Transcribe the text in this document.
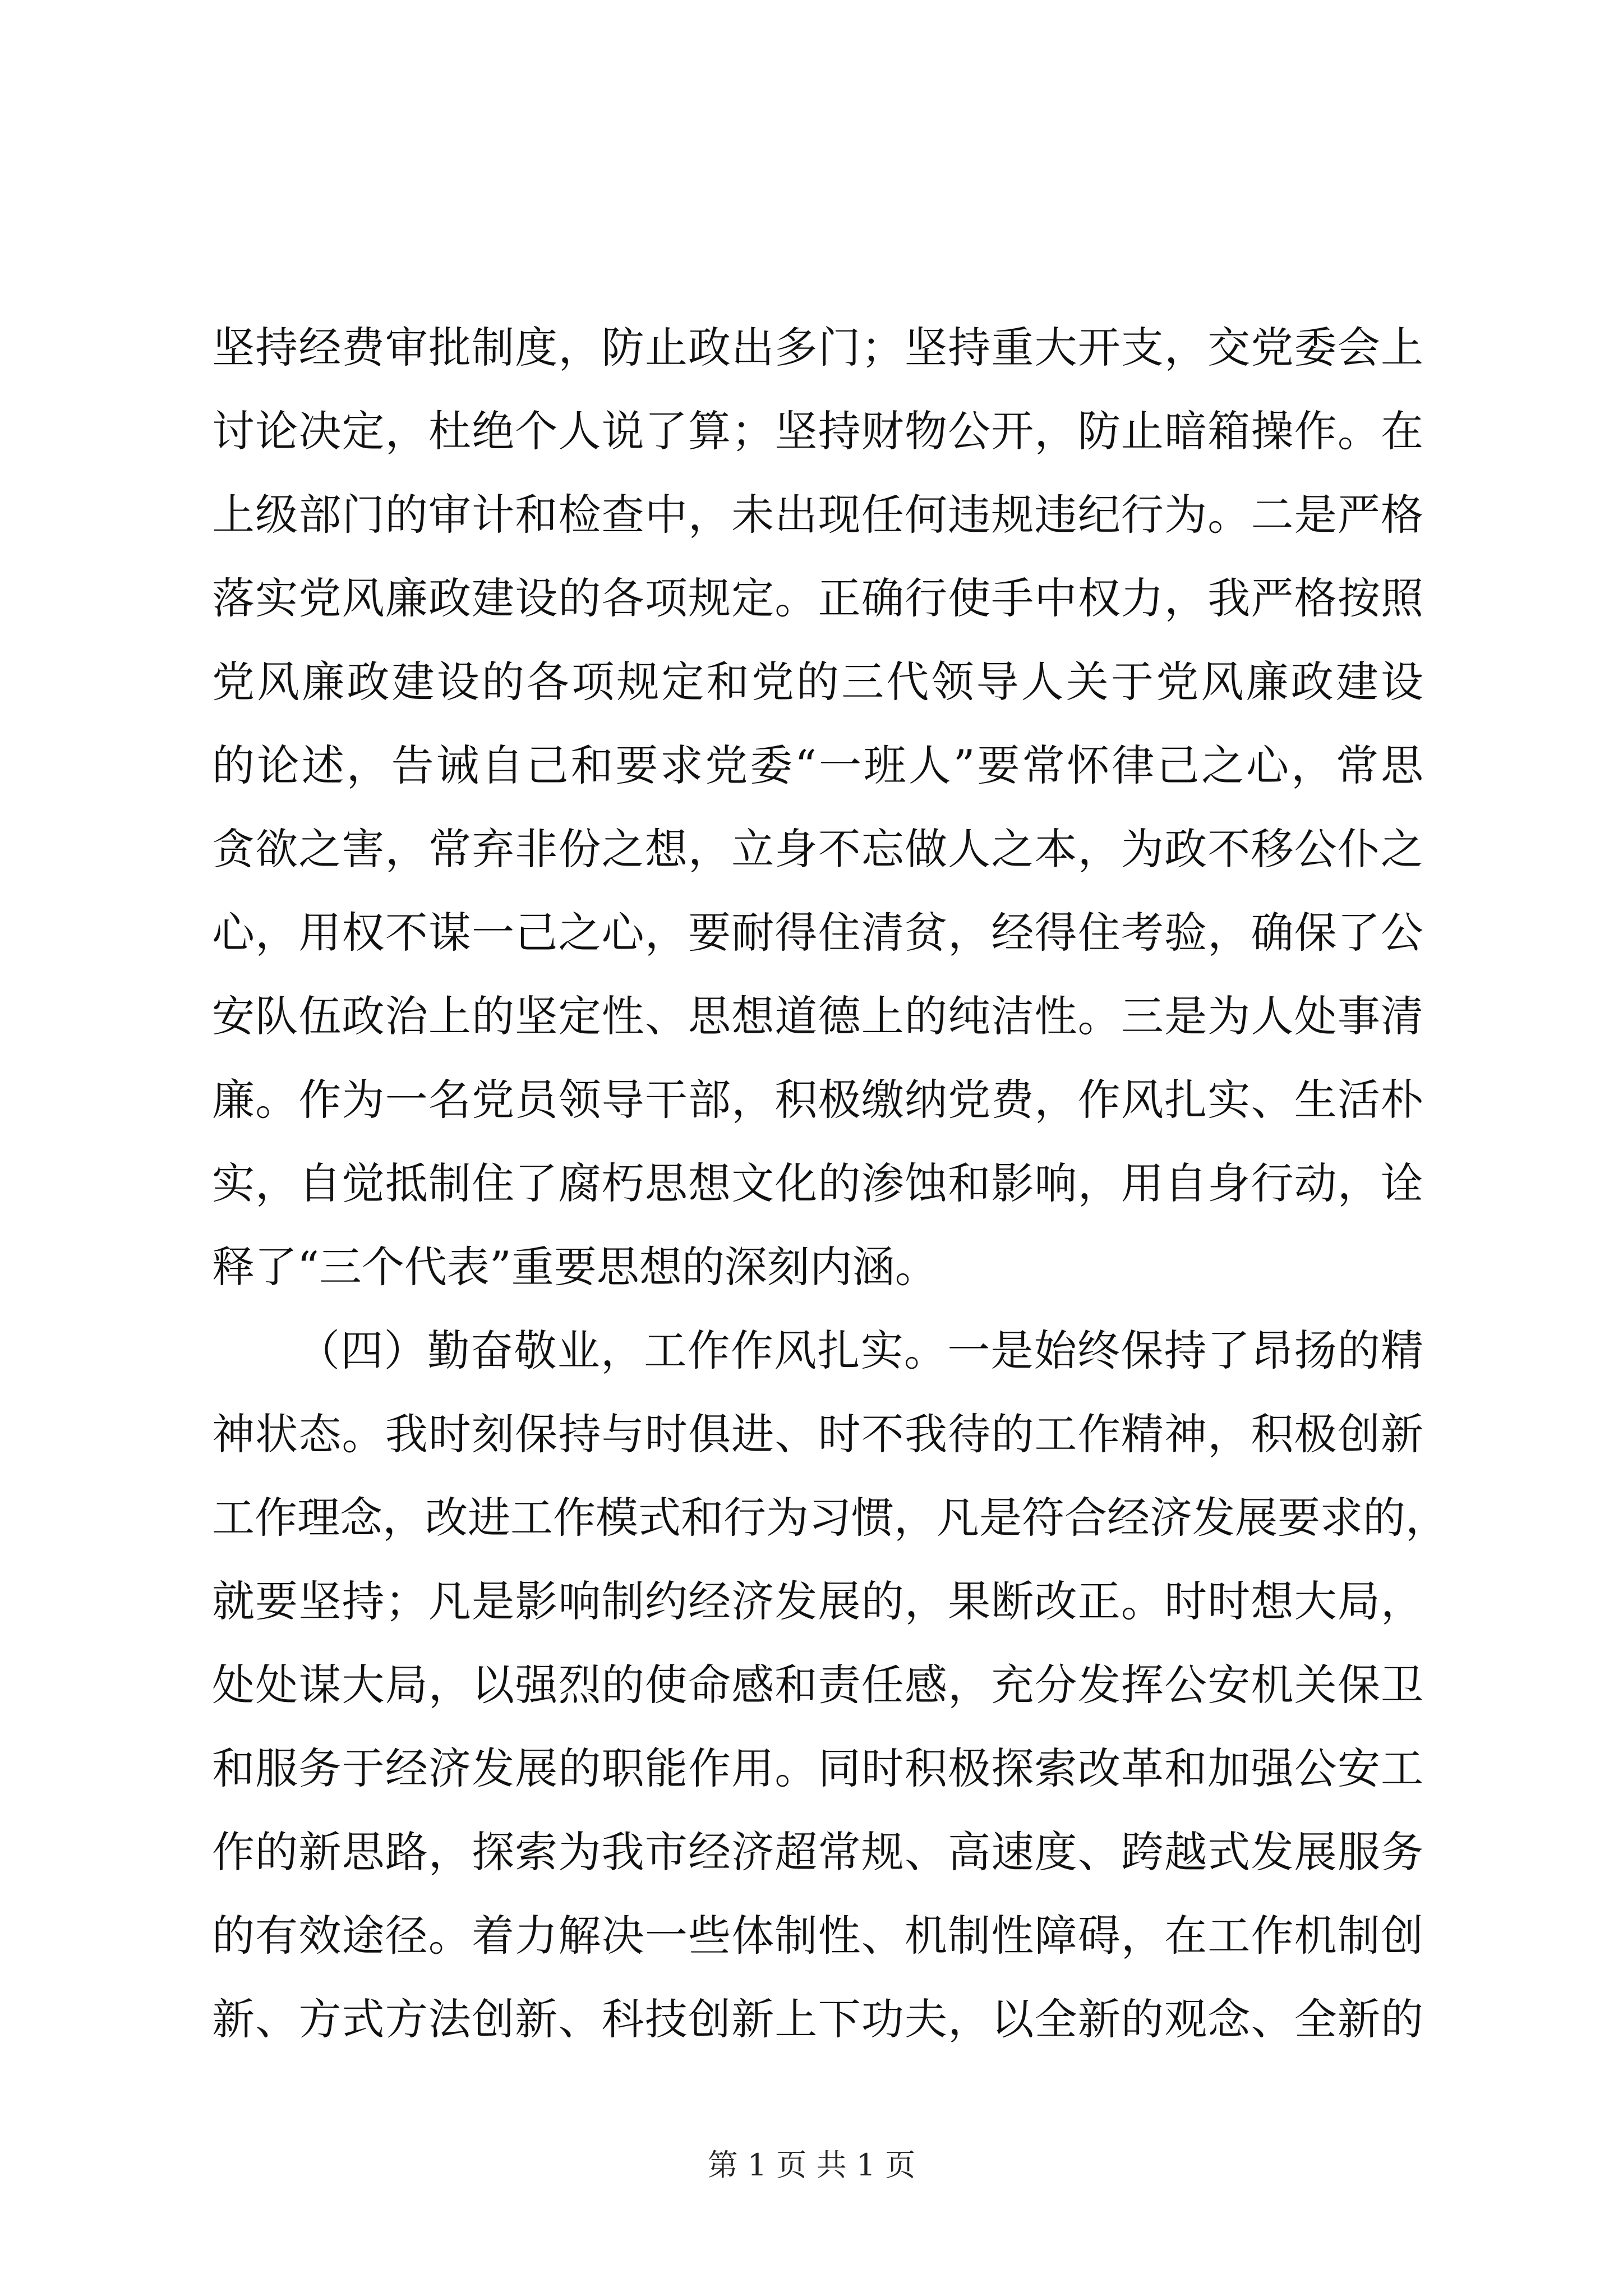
坚持经费审批制度，防止政出多门；坚持重大开支，交党委会上
讨论决定，杜绝个人说了算；坚持财物公开，防止暗箱操作。在
上级部门的审计和检查中，未出现任何违规违纪行为。二是严格
落实党风廉政建设的各项规定。正确行使手中权力，我严格按照
党风廉政建设的各项规定和党的三代领导人关于党风廉政建设
的论述，告诫自己和要求党委“一班人”要常怀律己之心，常思
贪欲之害，常弃非份之想，立身不忘做人之本，为政不移公仆之
心，用权不谋一己之心，要耐得住清贫，经得住考验，确保了公
安队伍政治上的坚定性、思想道德上的纯洁性。三是为人处事清
廉。作为一名党员领导干部，积极缴纳党费，作风扎实、生活朴
实，自觉抵制住了腐朽思想文化的渗蚀和影响，用自身行动，诠
释了“三个代表”重要思想的深刻内涵。
（四）勤奋敬业，工作作风扎实。一是始终保持了昂扬的精
神状态。我时刻保持与时俱进、时不我待的工作精神，积极创新
工作理念，改进工作模式和行为习惯，凡是符合经济发展要求的，
就要坚持；凡是影响制约经济发展的，果断改正。时时想大局，
处处谋大局，以强烈的使命感和责任感，充分发挥公安机关保卫
和服务于经济发展的职能作用。同时积极探索改革和加强公安工
作的新思路，探索为我市经济超常规、高速度、跨越式发展服务
的有效途径。着力解决一些体制性、机制性障碍，在工作机制创
新、方式方法创新、科技创新上下功夫，以全新的观念、全新的
第 1 页 共 1 页
